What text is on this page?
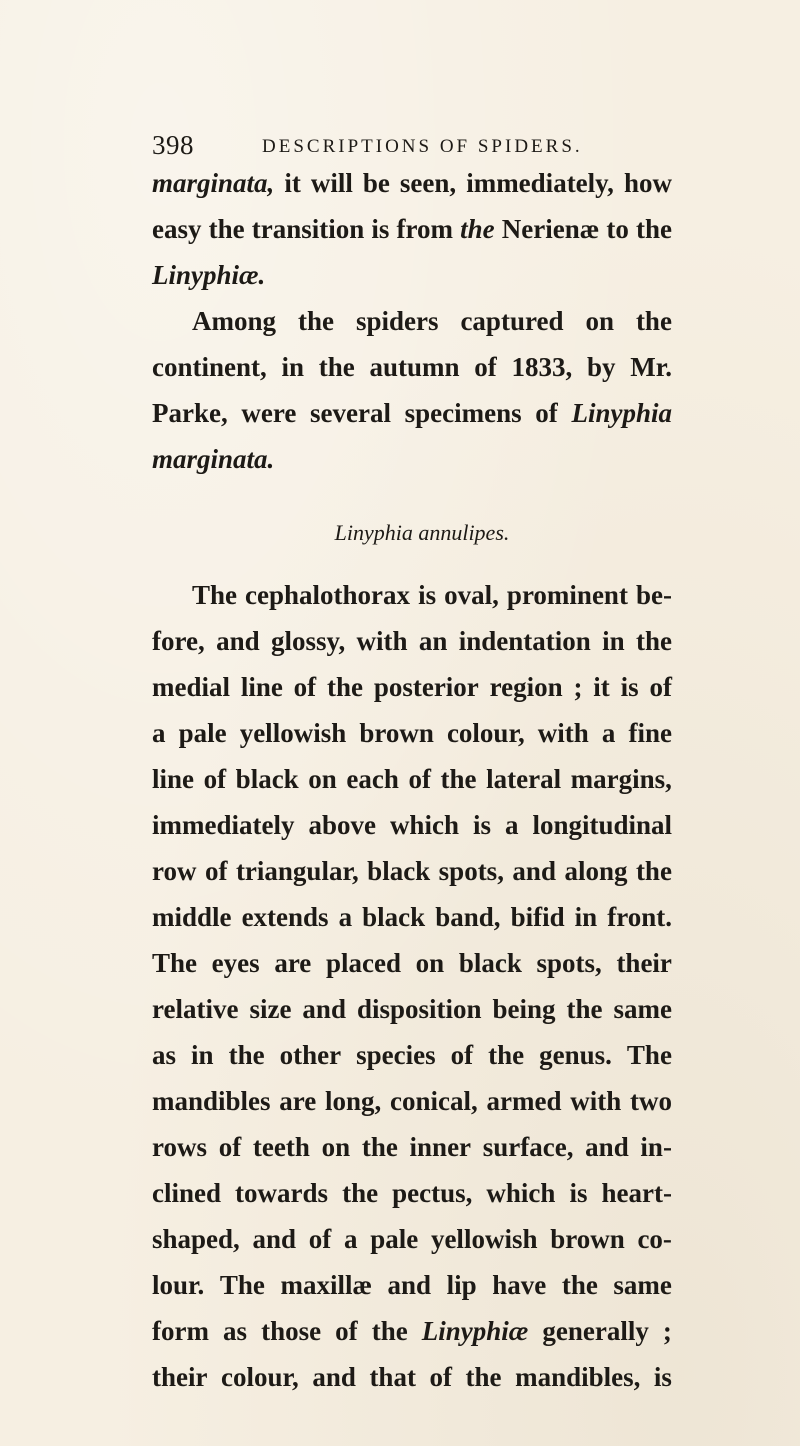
398	DESCRIPTIONS OF SPIDERS.
marginata, it will be seen, immediately, how
easy the transition is from the Nerienæ to the
Linyphiæ.
Among the spiders captured on the
continent, in the autumn of 1833, by Mr.
Parke, were several specimens of Linyphia
marginata.
Linyphia annulipes.
The cephalothorax is oval, prominent be-
fore, and glossy, with an indentation in the
medial line of the posterior region ; it is of
a pale yellowish brown colour, with a fine
line of black on each of the lateral margins,
immediately above which is a longitudinal
row of triangular, black spots, and along the
middle extends a black band, bifid in front.
The eyes are placed on black spots, their
relative size and disposition being the same
as in the other species of the genus. The
mandibles are long, conical, armed with two
rows of teeth on the inner surface, and in-
clined towards the pectus, which is heart-
shaped, and of a pale yellowish brown co-
lour. The maxillæ and lip have the same
form as those of the Linyphiæ generally ;
their colour, and that of the mandibles, is
